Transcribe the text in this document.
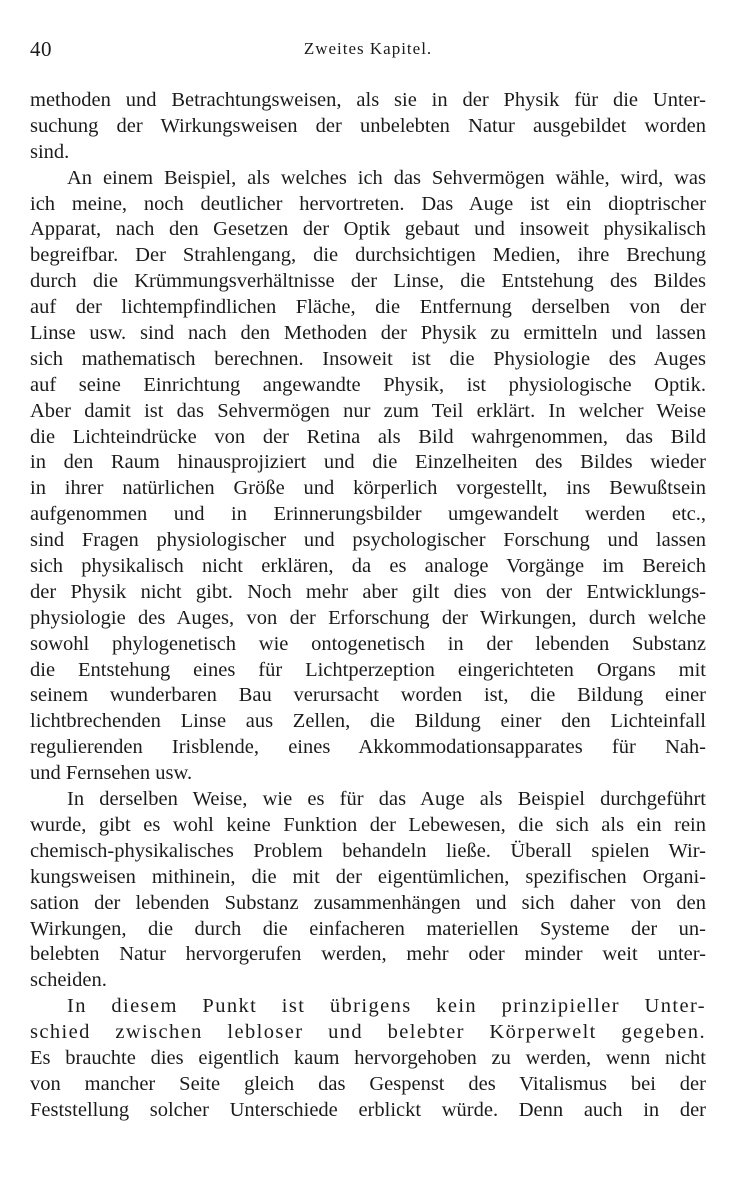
40	Zweites Kapitel.
methoden und Betrachtungsweisen, als sie in der Physik für die Unter-
suchung der Wirkungsweisen der unbelebten Natur ausgebildet worden
sind.
An einem Beispiel, als welches ich das Sehvermögen wähle, wird, was
ich meine, noch deutlicher hervortreten. Das Auge ist ein dioptrischer
Apparat, nach den Gesetzen der Optik gebaut und insoweit physikalisch
begreifbar. Der Strahlengang, die durchsichtigen Medien, ihre Brechung
durch die Krümmungsverhältnisse der Linse, die Entstehung des Bildes
auf der lichtempfindlichen Fläche, die Entfernung derselben von der
Linse usw. sind nach den Methoden der Physik zu ermitteln und lassen
sich mathematisch berechnen. Insoweit ist die Physiologie des Auges
auf seine Einrichtung angewandte Physik, ist physiologische Optik.
Aber damit ist das Sehvermögen nur zum Teil erklärt. In welcher Weise
die Lichteindrücke von der Retina als Bild wahrgenommen, das Bild
in den Raum hinausprojiziert und die Einzelheiten des Bildes wieder
in ihrer natürlichen Größe und körperlich vorgestellt, ins Bewußtsein
aufgenommen und in Erinnerungsbilder umgewandelt werden etc.,
sind Fragen physiologischer und psychologischer Forschung und lassen
sich physikalisch nicht erklären, da es analoge Vorgänge im Bereich
der Physik nicht gibt. Noch mehr aber gilt dies von der Entwicklungs-
physiologie des Auges, von der Erforschung der Wirkungen, durch welche
sowohl phylogenetisch wie ontogenetisch in der lebenden Substanz
die Entstehung eines für Lichtperzeption eingerichteten Organs mit
seinem wunderbaren Bau verursacht worden ist, die Bildung einer
lichtbrechenden Linse aus Zellen, die Bildung einer den Lichteinfall
regulierenden Irisblende, eines Akkommodationsapparates für Nah-
und Fernsehen usw.
In derselben Weise, wie es für das Auge als Beispiel durchgeführt
wurde, gibt es wohl keine Funktion der Lebewesen, die sich als ein rein
chemisch-physikalisches Problem behandeln ließe. Überall spielen Wir-
kungsweisen mithinein, die mit der eigentümlichen, spezifischen Organi-
sation der lebenden Substanz zusammenhängen und sich daher von den
Wirkungen, die durch die einfacheren materiellen Systeme der un-
belebten Natur hervorgerufen werden, mehr oder minder weit unter-
scheiden.
In diesem Punkt ist übrigens kein prinzipieller Unter-
schied zwischen lebloser und belebter Körperwelt gegeben.
Es brauchte dies eigentlich kaum hervorgehoben zu werden, wenn nicht
von mancher Seite gleich das Gespenst des Vitalismus bei der
Feststellung solcher Unterschiede erblickt würde. Denn auch in der
